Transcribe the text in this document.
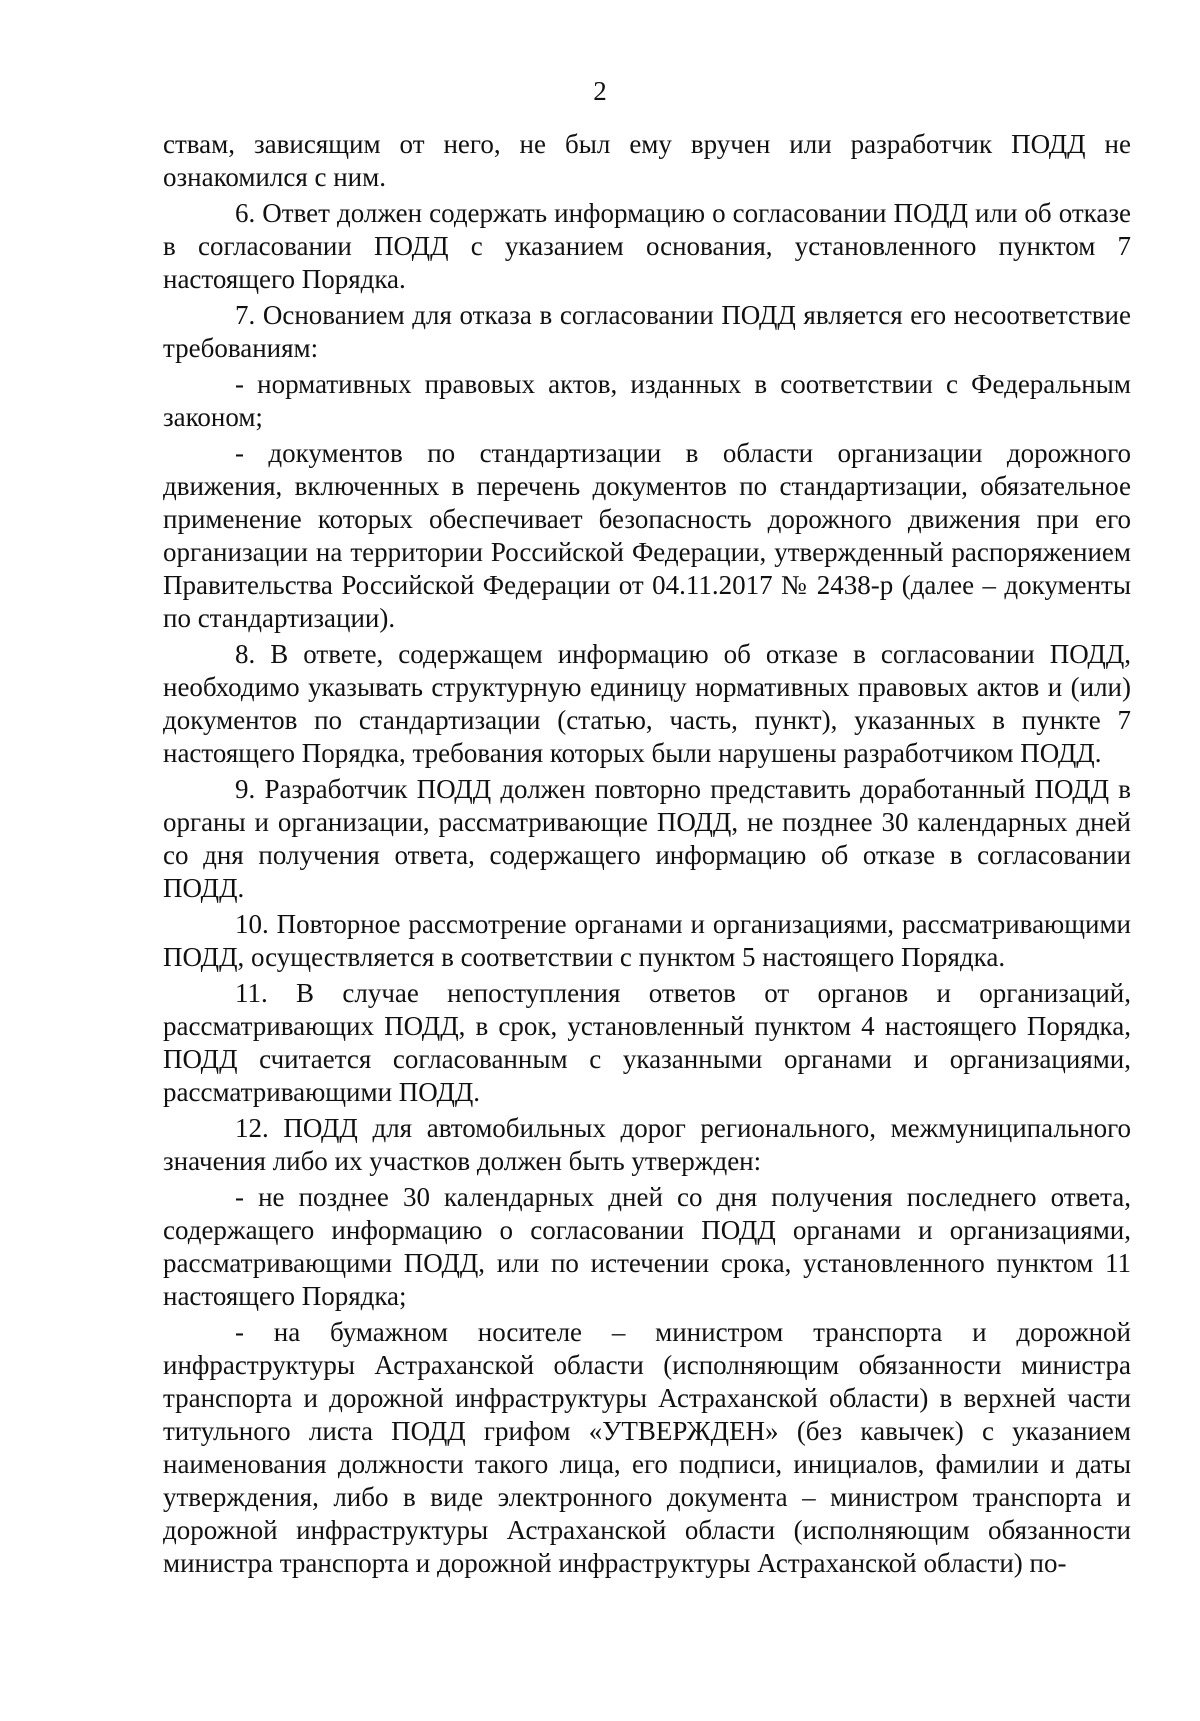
2

ствам, зависящим от него, не был ему вручен или разработчик ПОДД не ознакомился с ним.

6. Ответ должен содержать информацию о согласовании ПОДД или об отказе в согласовании ПОДД с указанием основания, установленного пунктом 7 настоящего Порядка.

7. Основанием для отказа в согласовании ПОДД является его несоответствие требованиям:

- нормативных правовых актов, изданных в соответствии с Федеральным законом;

- документов по стандартизации в области организации дорожного движения, включенных в перечень документов по стандартизации, обязательное применение которых обеспечивает безопасность дорожного движения при его организации на территории Российской Федерации, утвержденный распоряжением Правительства Российской Федерации от 04.11.2017 № 2438-р (далее – документы по стандартизации).

8. В ответе, содержащем информацию об отказе в согласовании ПОДД, необходимо указывать структурную единицу нормативных правовых актов и (или) документов по стандартизации (статью, часть, пункт), указанных в пункте 7 настоящего Порядка, требования которых были нарушены разработчиком ПОДД.

9. Разработчик ПОДД должен повторно представить доработанный ПОДД в органы и организации, рассматривающие ПОДД, не позднее 30 календарных дней со дня получения ответа, содержащего информацию об отказе в согласовании ПОДД.

10. Повторное рассмотрение органами и организациями, рассматривающими ПОДД, осуществляется в соответствии с пунктом 5 настоящего Порядка.

11. В случае непоступления ответов от органов и организаций, рассматривающих ПОДД, в срок, установленный пунктом 4 настоящего Порядка, ПОДД считается согласованным с указанными органами и организациями, рассматривающими ПОДД.

12. ПОДД для автомобильных дорог регионального, межмуниципального значения либо их участков должен быть утвержден:

- не позднее 30 календарных дней со дня получения последнего ответа, содержащего информацию о согласовании ПОДД органами и организациями, рассматривающими ПОДД, или по истечении срока, установленного пунктом 11 настоящего Порядка;

- на бумажном носителе – министром транспорта и дорожной инфраструктуры Астраханской области (исполняющим обязанности министра транспорта и дорожной инфраструктуры Астраханской области) в верхней части титульного листа ПОДД грифом «УТВЕРЖДЕН» (без кавычек) с указанием наименования должности такого лица, его подписи, инициалов, фамилии и даты утверждения, либо в виде электронного документа – министром транспорта и дорожной инфраструктуры Астраханской области (исполняющим обязанности министра транспорта и дорожной инфраструктуры Астраханской области) по-
